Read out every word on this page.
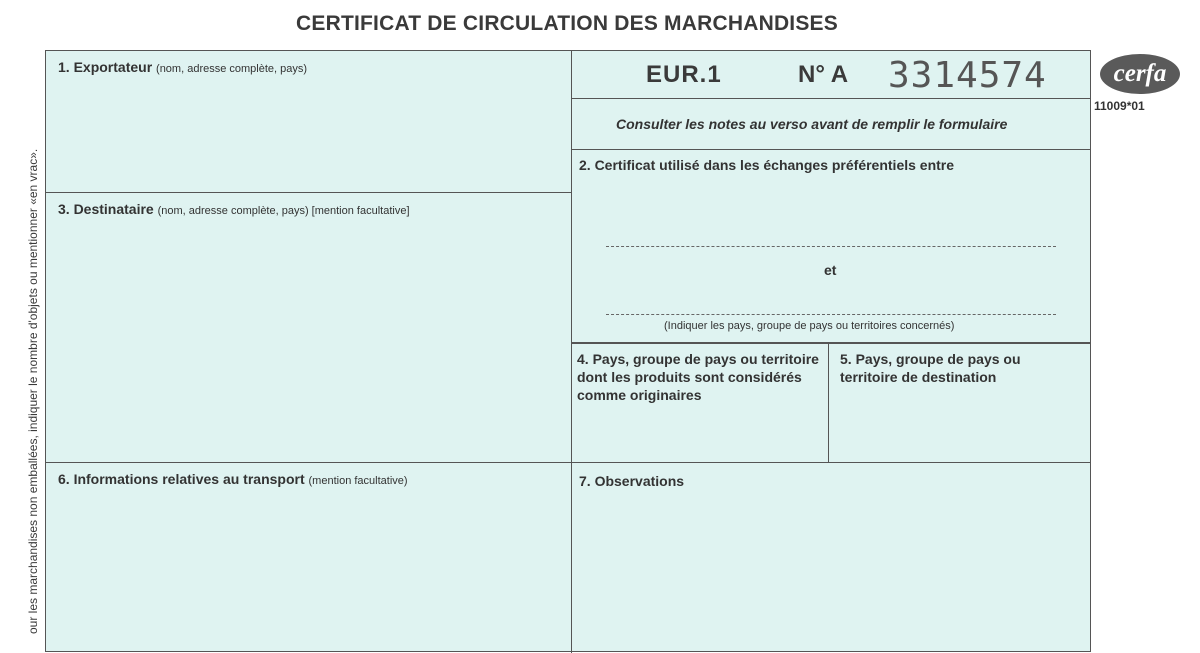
CERTIFICAT DE CIRCULATION DES MARCHANDISES
our les marchandises non emballées, indiquer le nombre d'objets ou mentionner «en vrac».
cerfa
11009*01
1. Exportateur (nom, adresse complète, pays)	EUR.1	N° A 3314574
Consulter les notes au verso avant de remplir le formulaire
2. Certificat utilisé dans les échanges préférentiels entre
et
(Indiquer les pays, groupe de pays ou territoires concernés)
3. Destinataire (nom, adresse complète, pays) [mention facultative]
4. Pays, groupe de pays ou territoire dont les produits sont considérés comme originaires
5. Pays, groupe de pays ou territoire de destination
6. Informations relatives au transport (mention facultative)	7. Observations
